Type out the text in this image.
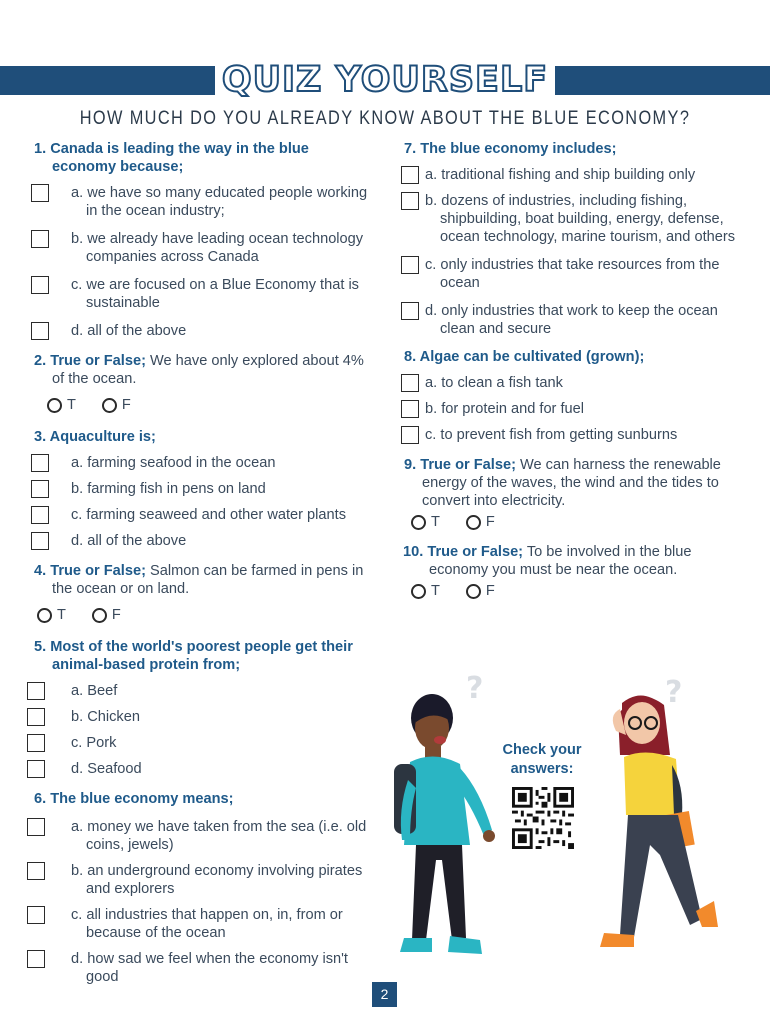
QUIZ YOURSELF
HOW MUCH DO YOU ALREADY KNOW ABOUT THE BLUE ECONOMY?
1. Canada is leading the way in the blue economy because;
a. we have so many educated people working in the ocean industry;
b. we already have leading ocean technology companies across Canada
c. we are focused on a Blue Economy that is sustainable
d. all of the above
2. True or False; We have only explored about 4% of the ocean.
T	F
3. Aquaculture is;
a. farming seafood in the ocean
b. farming fish in pens on land
c. farming seaweed and other water plants
d. all of the above
4. True or False; Salmon can be farmed in pens in the ocean or on land.
T	F
5. Most of the world's poorest people get their animal-based protein from;
a. Beef
b. Chicken
c. Pork
d. Seafood
6. The blue economy means;
a. money we have taken from the sea (i.e. old coins, jewels)
b. an underground economy involving pirates and explorers
c. all industries that happen on, in, from or because of the ocean
d. how sad we feel when the economy isn't good
7. The blue economy includes;
a. traditional fishing and ship building only
b. dozens of industries, including fishing, shipbuilding, boat building, energy, defense, ocean technology, marine tourism, and others
c. only industries that take resources from the ocean
d. only industries that work to keep the ocean clean and secure
8. Algae can be cultivated (grown);
a. to clean a fish tank
b. for protein and for fuel
c. to prevent fish from getting sunburns
9. True or False; We can harness the renewable energy of the waves, the wind and the tides to convert into electricity.
T	F
10. True or False; To be involved in the blue economy you must be near the ocean.
T	F
?	?
Check your answers:
2
